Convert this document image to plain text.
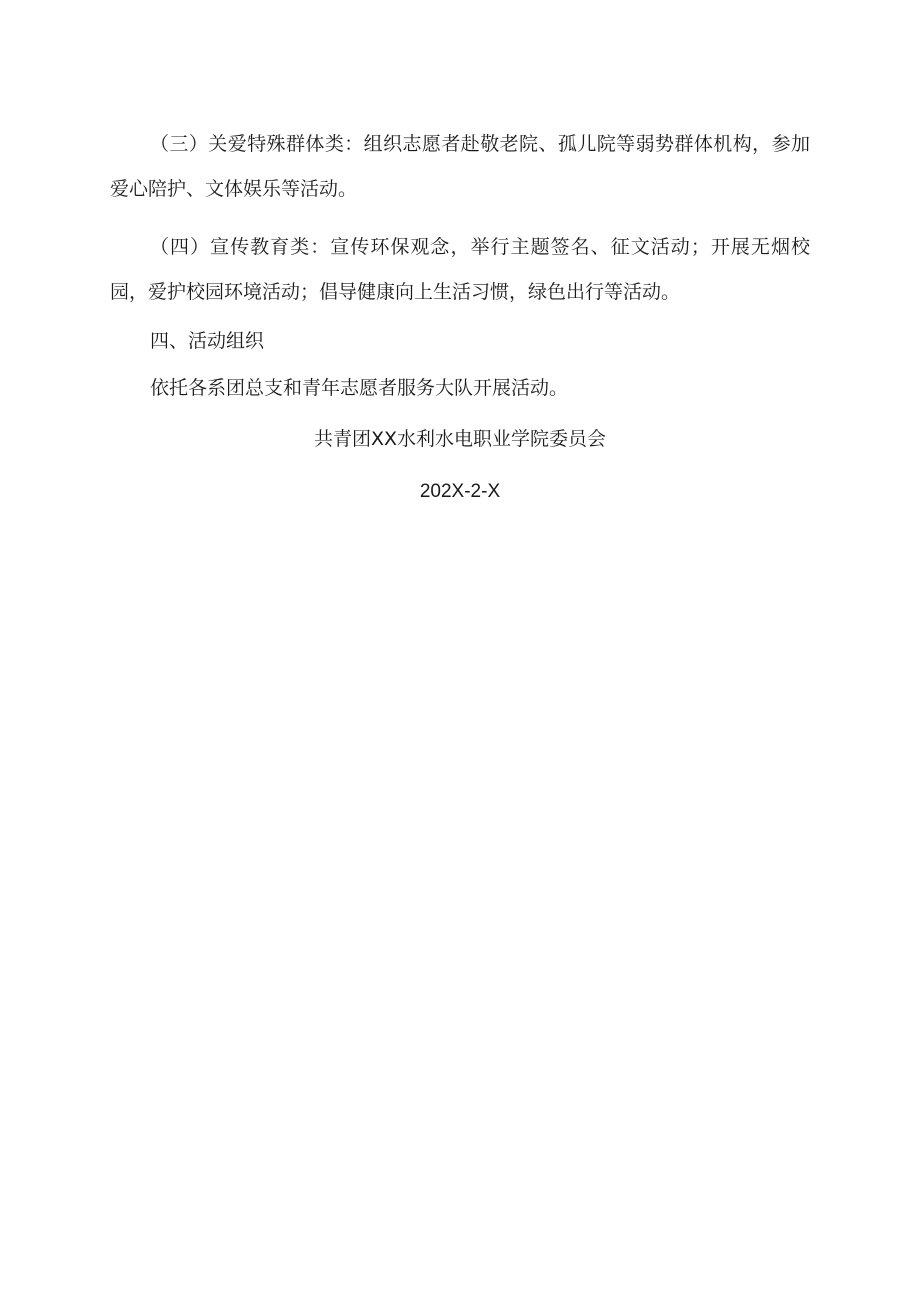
（三）关爱特殊群体类：组织志愿者赴敬老院、孤儿院等弱势群体机构，参加爱心陪护、文体娱乐等活动。

（四）宣传教育类：宣传环保观念，举行主题签名、征文活动；开展无烟校园，爱护校园环境活动；倡导健康向上生活习惯，绿色出行等活动。

四、活动组织

依托各系团总支和青年志愿者服务大队开展活动。

共青团XX水利水电职业学院委员会

202X-2-X
